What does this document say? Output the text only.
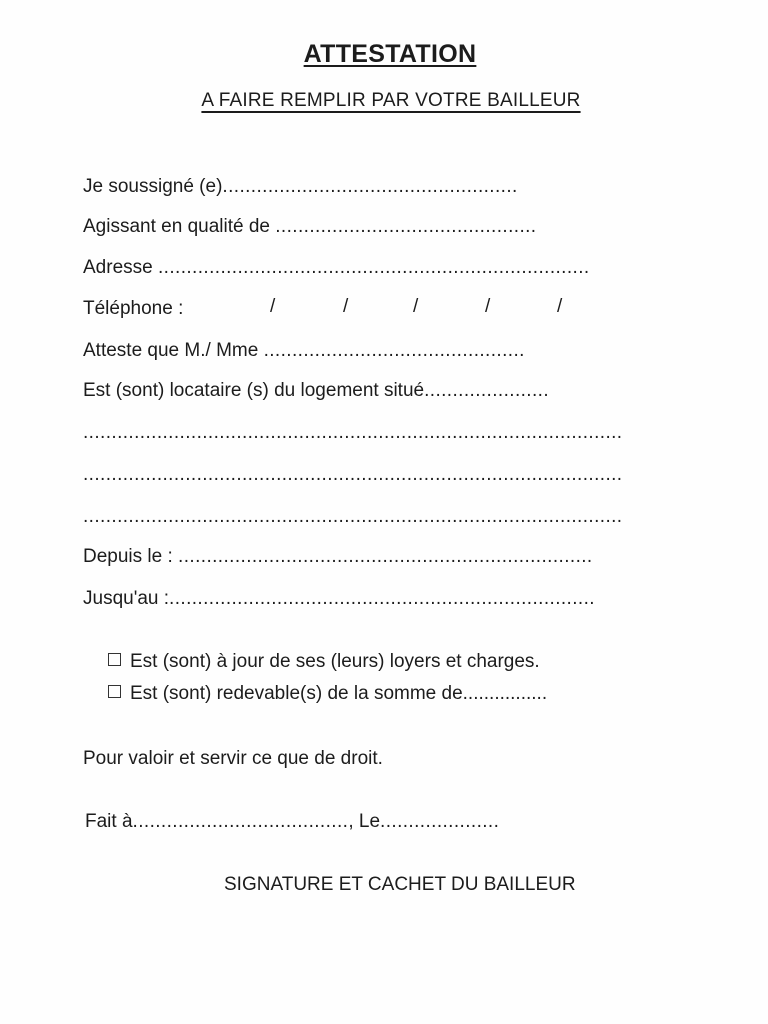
ATTESTATION
A FAIRE REMPLIR PAR VOTRE BAILLEUR
Je soussigné (e)....................................................
Agissant en qualité de ..............................................
Adresse ............................................................................
Téléphone :	/	/	/	/	/
Atteste que M./ Mme ..............................................
Est (sont) locataire (s) du logement situé......................
...............................................................................................
...............................................................................................
...............................................................................................
Depuis le : .........................................................................
Jusqu'au :...........................................................................
Est (sont) à jour de ses (leurs) loyers et charges.
Est (sont) redevable(s) de la somme de................
Pour valoir et servir ce que de droit.
Fait à......................................, Le.....................
SIGNATURE ET CACHET DU BAILLEUR
